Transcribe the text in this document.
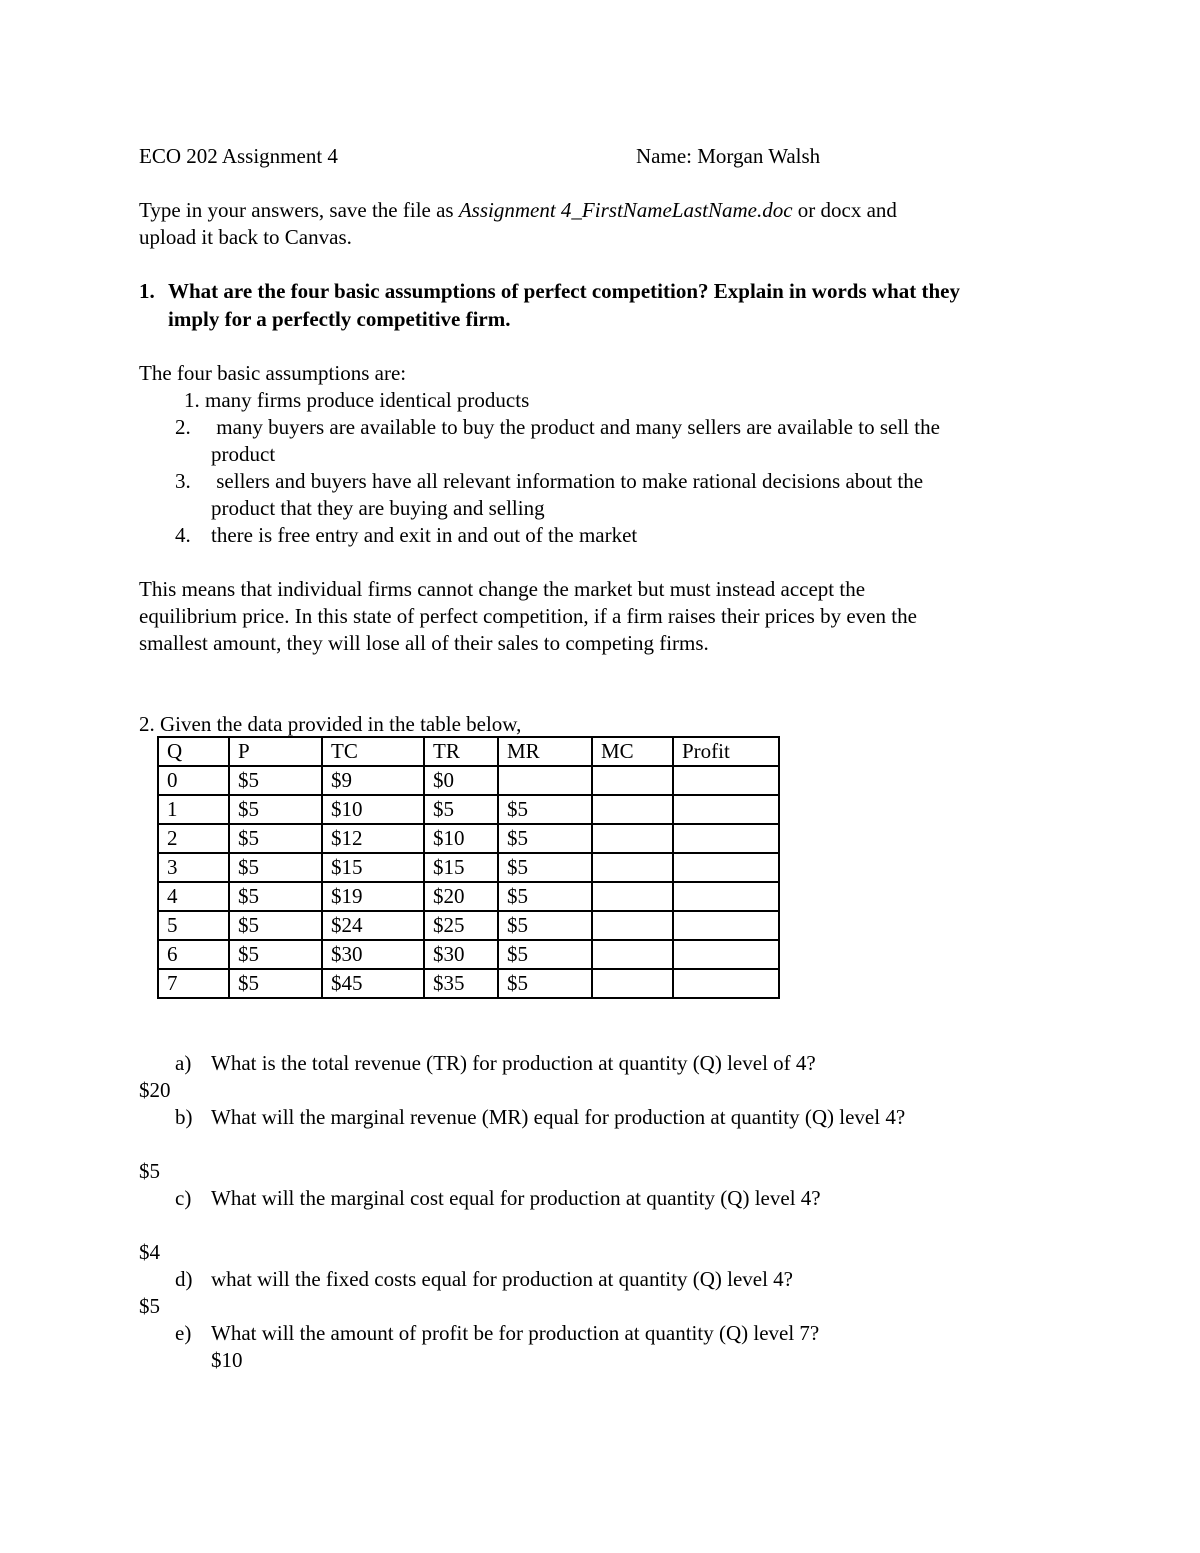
ECO 202 Assignment 4	Name: Morgan Walsh
Type in your answers, save the file as Assignment 4_FirstNameLastName.doc or docx and
upload it back to Canvas.
1. What are the four basic assumptions of perfect competition? Explain in words what they
imply for a perfectly competitive firm.
The four basic assumptions are:
1. many firms produce identical products
2. many buyers are available to buy the product and many sellers are available to sell the
product
3. sellers and buyers have all relevant information to make rational decisions about the
product that they are buying and selling
4. there is free entry and exit in and out of the market
This means that individual firms cannot change the market but must instead accept the
equilibrium price. In this state of perfect competition, if a firm raises their prices by even the
smallest amount, they will lose all of their sales to competing firms.
2. Given the data provided in the table below,
Q	P	TC	TR	MR	MC	Profit
0	$5	$9	$0			
1	$5	$10	$5	$5		
2	$5	$12	$10	$5		
3	$5	$15	$15	$5		
4	$5	$19	$20	$5		
5	$5	$24	$25	$5		
6	$5	$30	$30	$5		
7	$5	$45	$35	$5		
a) What is the total revenue (TR) for production at quantity (Q) level of 4?
$20
b) What will the marginal revenue (MR) equal for production at quantity (Q) level 4?
$5
c) What will the marginal cost equal for production at quantity (Q) level 4?
$4
d) what will the fixed costs equal for production at quantity (Q) level 4?
$5
e) What will the amount of profit be for production at quantity (Q) level 7?
$10
